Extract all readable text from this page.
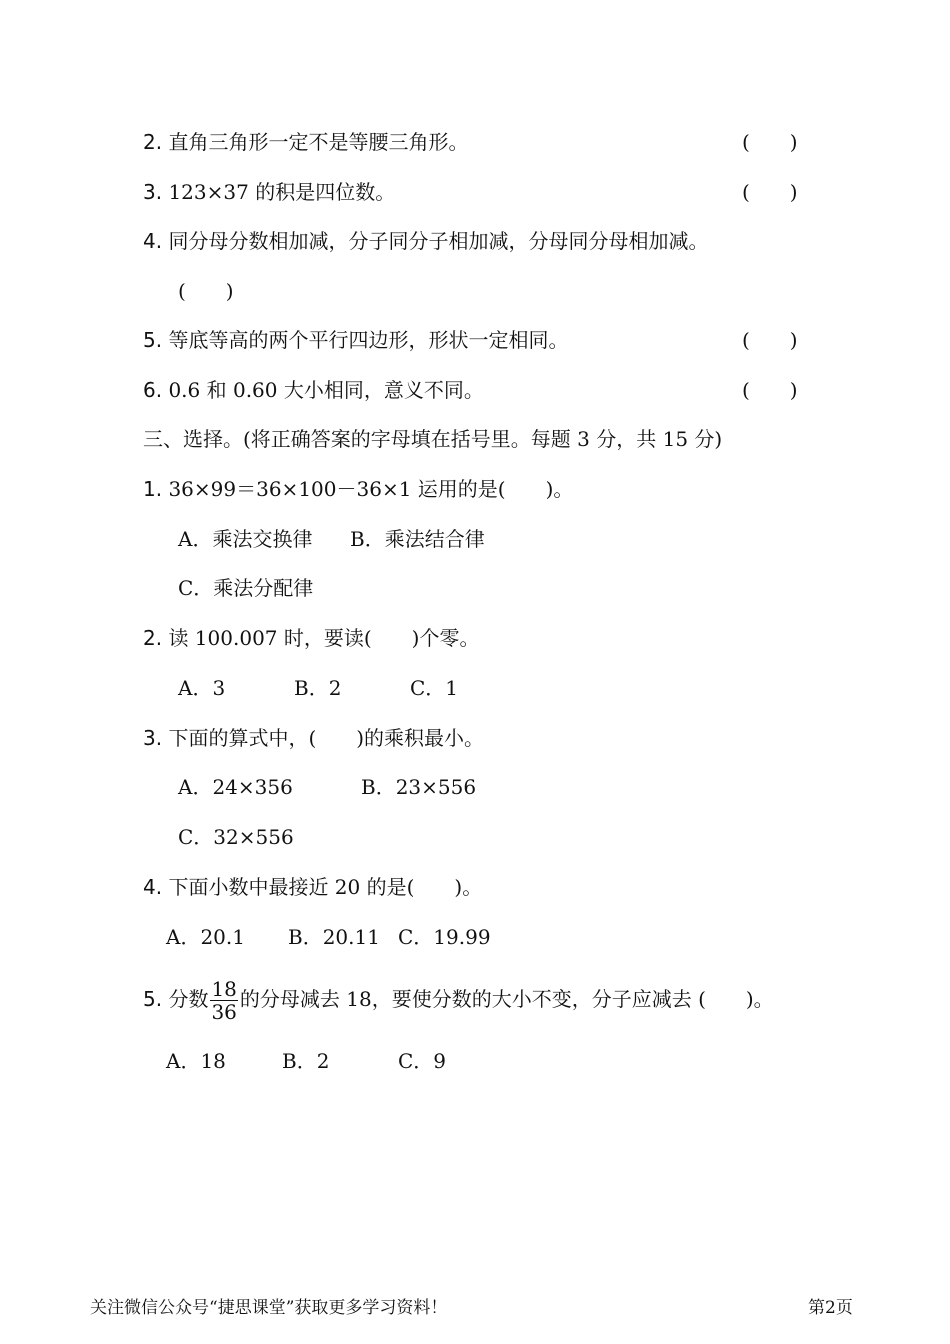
2. 直角三角形一定不是等腰三角形。	(　　)
3. 123×37 的积是四位数。	(　　)
4. 同分母分数相加减，分子同分子相加减，分母同分母相加减。
(　　)
5. 等底等高的两个平行四边形，形状一定相同。	(　　)
6. 0.6 和 0.60 大小相同，意义不同。	(　　)
三、选择。(将正确答案的字母填在括号里。每题 3 分，共 15 分)
1. 36×99＝36×100－36×1 运用的是(　　)。
A．乘法交换律 B．乘法结合律
C．乘法分配律
2. 读 100.007 时，要读(　　)个零。
A．3	B．2	C．1
3. 下面的算式中，(　　)的乘积最小。
A．24×356	B．23×556
C．32×556
4. 下面小数中最接近 20 的是(　　)。
A．20.1 B．20.11 C．19.99
5. 分数 $\frac{18}{36}$ 的分母减去 18，要使分数的大小不变，分子应减去 (　　)。
A．18	B．2	C．9
关注微信公众号“捷思课堂”获取更多学习资料！	第2页
